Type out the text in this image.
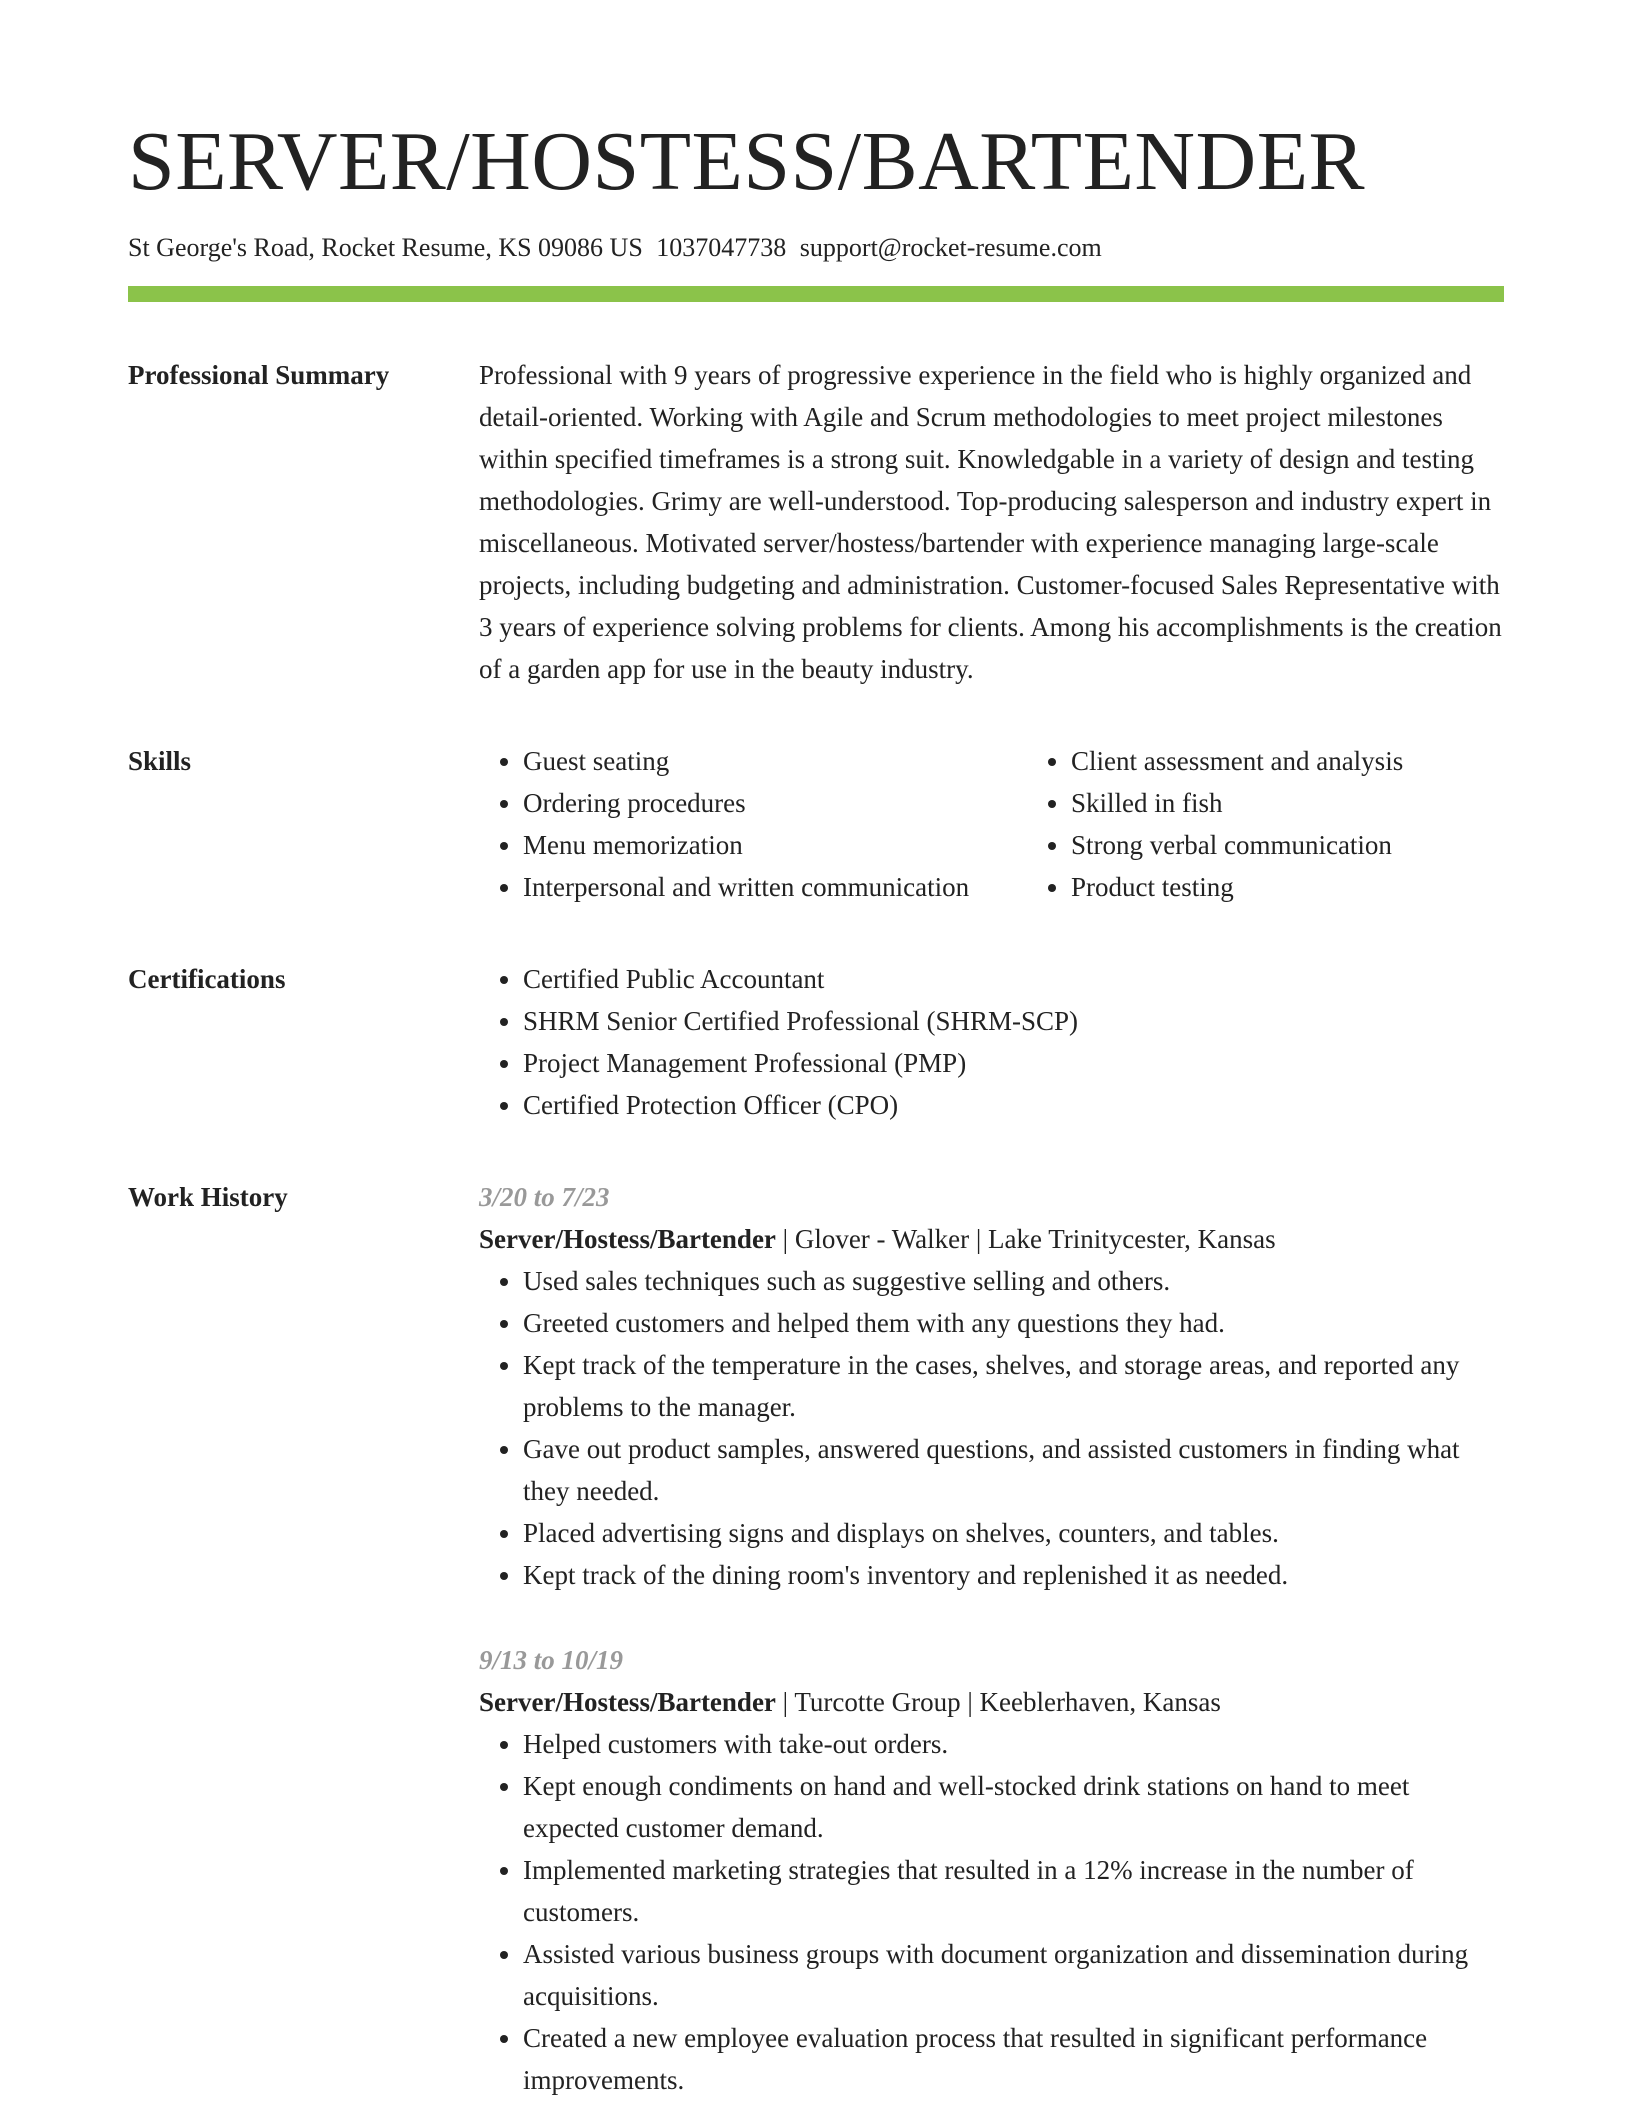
SERVER/HOSTESS/BARTENDER
St George's Road, Rocket Resume, KS 09086 US 1037047738 support@rocket-resume.com
Professional Summary	Professional with 9 years of progressive experience in the field who is highly organized and detail-oriented. Working with Agile and Scrum methodologies to meet project milestones within specified timeframes is a strong suit. Knowledgable in a variety of design and testing methodologies. Grimy are well-understood. Top-producing salesperson and industry expert in miscellaneous. Motivated server/hostess/bartender with experience managing large-scale projects, including budgeting and administration. Customer-focused Sales Representative with 3 years of experience solving problems for clients. Among his accomplishments is the creation of a garden app for use in the beauty industry.

Skills	• Guest seating
• Ordering procedures
• Menu memorization
• Interpersonal and written communication
• Client assessment and analysis
• Skilled in fish
• Strong verbal communication
• Product testing
Certifications	• Certified Public Accountant
• SHRM Senior Certified Professional (SHRM-SCP)
• Project Management Professional (PMP)
• Certified Protection Officer (CPO)
Work History	3/20 to 7/23
Server/Hostess/Bartender | Glover - Walker | Lake Trinitycester, Kansas
• Used sales techniques such as suggestive selling and others.
• Greeted customers and helped them with any questions they had.
• Kept track of the temperature in the cases, shelves, and storage areas, and reported any problems to the manager.
• Gave out product samples, answered questions, and assisted customers in finding what they needed.
• Placed advertising signs and displays on shelves, counters, and tables.
• Kept track of the dining room's inventory and replenished it as needed.
9/13 to 10/19
Server/Hostess/Bartender | Turcotte Group | Keeblerhaven, Kansas
• Helped customers with take-out orders.
• Kept enough condiments on hand and well-stocked drink stations on hand to meet expected customer demand.
• Implemented marketing strategies that resulted in a 12% increase in the number of customers.
• Assisted various business groups with document organization and dissemination during acquisitions.
• Created a new employee evaluation process that resulted in significant performance improvements.
